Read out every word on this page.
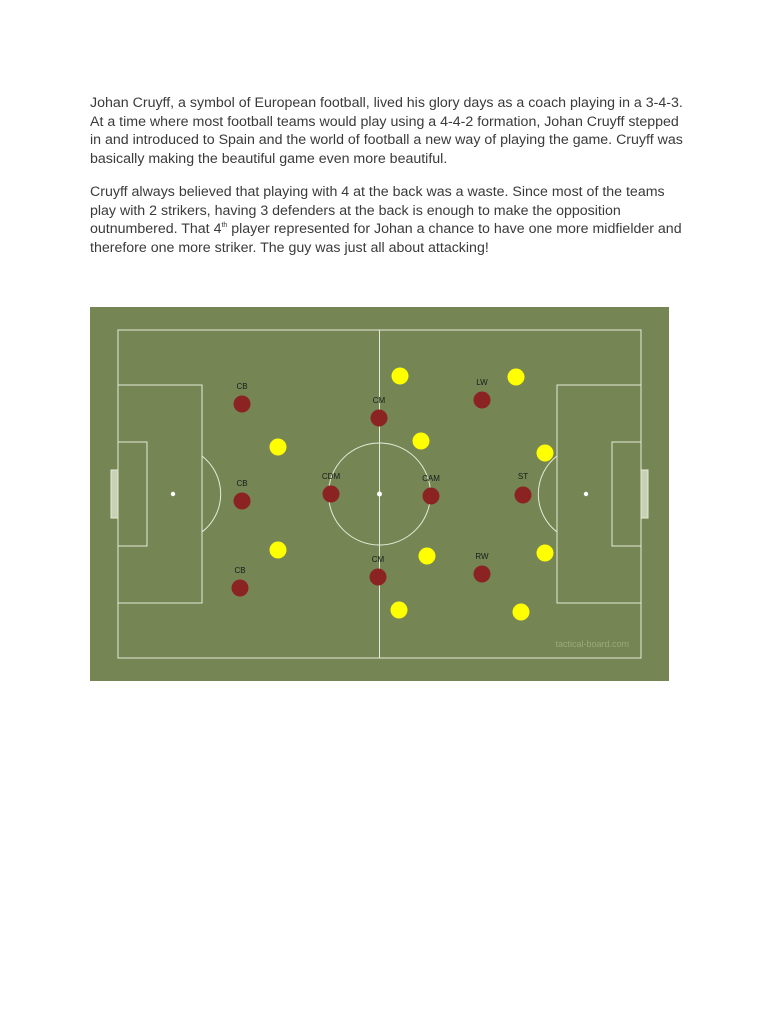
Johan Cruyff, a symbol of European football, lived his glory days as a coach playing in a 3-4-3. At a time where most football teams would play using a 4-4-2 formation, Johan Cruyff stepped in and introduced to Spain and the world of football a new way of playing the game. Cruyff was basically making the beautiful game even more beautiful.

Cruyff always believed that playing with 4 at the back was a waste. Since most of the teams play with 2 strikers, having 3 defenders at the back is enough to make the opposition outnumbered. That 4th player represented for Johan a chance to have one more midfielder and therefore one more striker. The guy was just all about attacking!

CB
CB
CB
CM
CDM	CAM
CM
LW
ST
RW
tactical-board.com
